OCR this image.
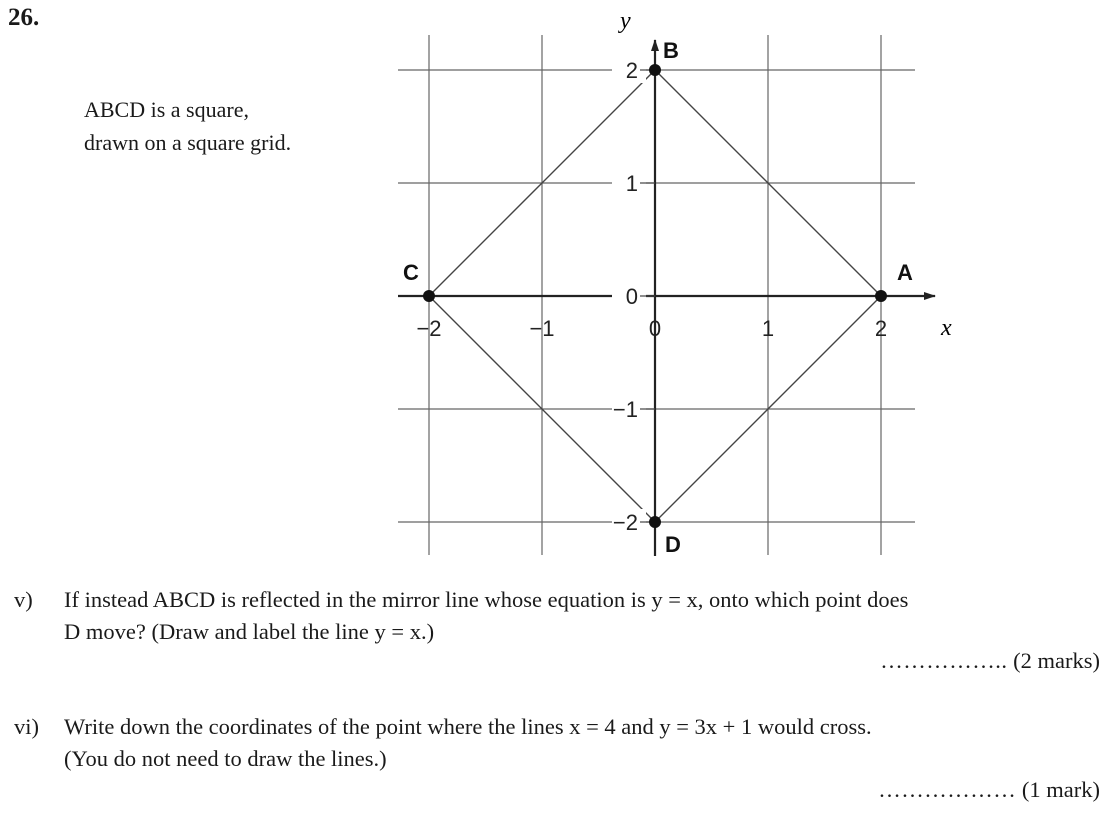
26.
ABCD is a square,
drawn on a square grid.
−2	−1	0	1	2
2
1
0
−1
−2
A
B
C
D
x
y
v) If instead ABCD is reflected in the mirror line whose equation is y = x, onto which point does
D move? (Draw and label the line y = x.)
…………….. (2 marks)
vi) Write down the coordinates of the point where the lines x = 4 and y = 3x + 1 would cross.
(You do not need to draw the lines.)
……………… (1 mark)
